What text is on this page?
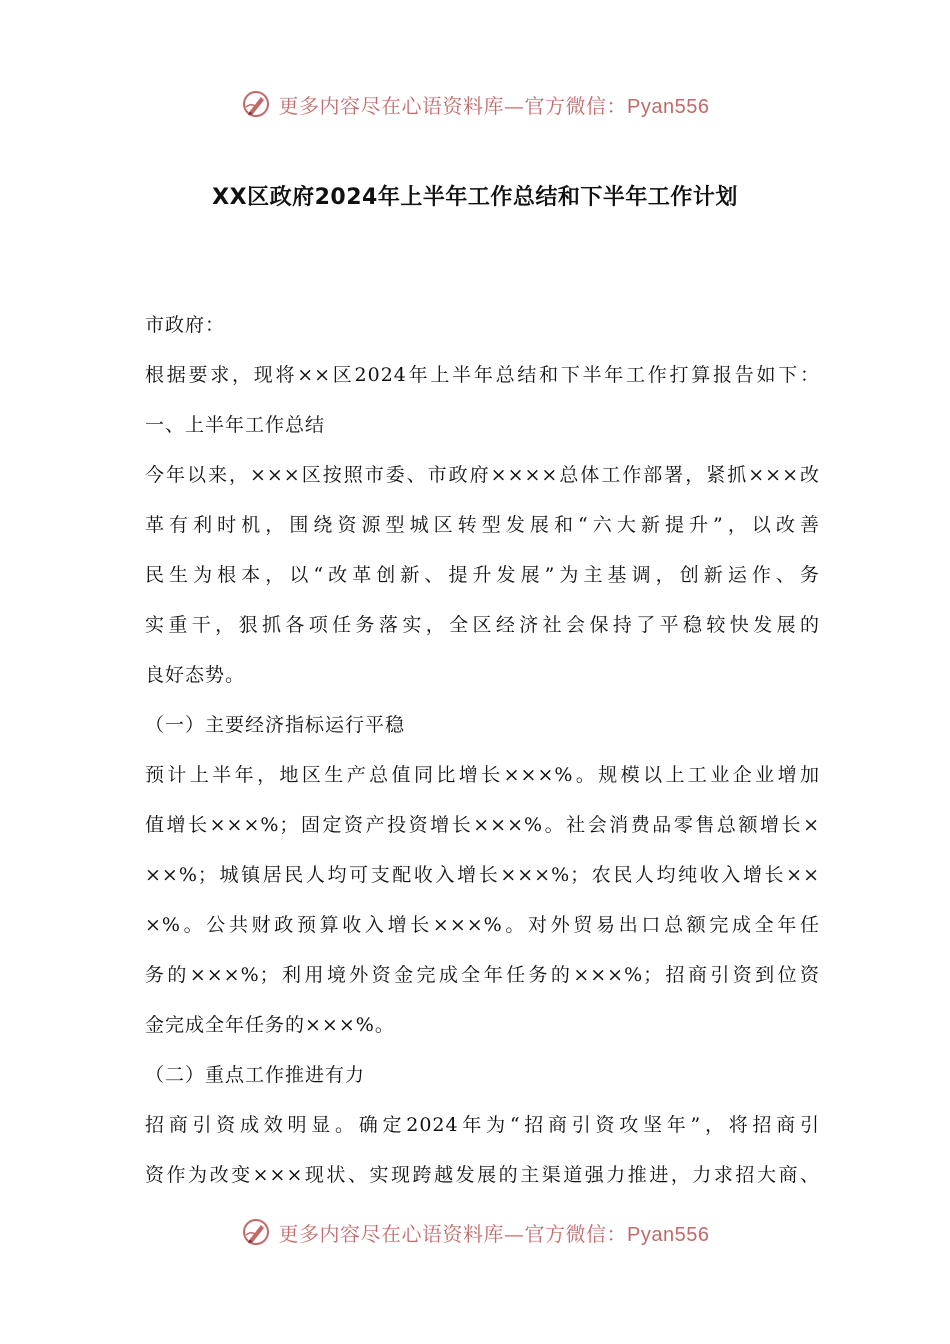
更多内容尽在心语资料库—官方微信：Pyan556
XX区政府2024年上半年工作总结和下半年工作计划
市政府：
根据要求，现将××区2024年上半年总结和下半年工作打算报告如下：
一、上半年工作总结
今年以来，×××区按照市委、市政府××××总体工作部署，紧抓×××改
革有利时机，围绕资源型城区转型发展和“六大新提升”，以改善
民生为根本，以“改革创新、提升发展”为主基调，创新运作、务
实重干，狠抓各项任务落实，全区经济社会保持了平稳较快发展的
良好态势。
（一）主要经济指标运行平稳
预计上半年，地区生产总值同比增长×××%。规模以上工业企业增加
值增长×××%；固定资产投资增长×××%。社会消费品零售总额增长×
××%；城镇居民人均可支配收入增长×××%；农民人均纯收入增长××
×%。公共财政预算收入增长×××%。对外贸易出口总额完成全年任
务的×××%；利用境外资金完成全年任务的×××%；招商引资到位资
金完成全年任务的×××%。
（二）重点工作推进有力
招商引资成效明显。确定2024年为“招商引资攻坚年”，将招商引
资作为改变×××现状、实现跨越发展的主渠道强力推进，力求招大商、
更多内容尽在心语资料库—官方微信：Pyan556
